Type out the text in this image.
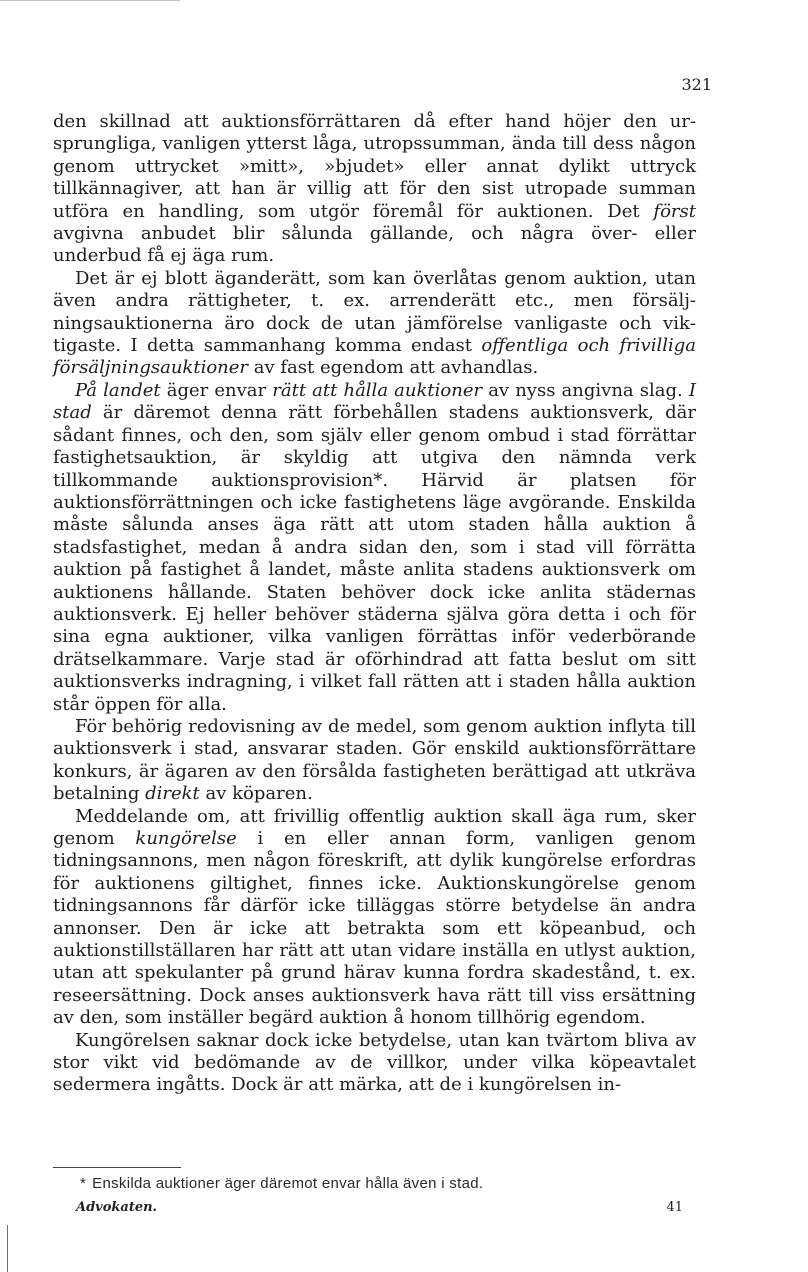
321

den skillnad att auktionsförrättaren då efter hand höjer den ursprungliga, vanligen ytterst låga, utropssumman, ända till dess någon genom uttrycket »mitt», »bjudet» eller annat dylikt uttryck tillkännagiver, att han är villig att för den sist utropade summan utföra en handling, som utgör föremål för auktionen. Det först avgivna anbudet blir sålunda gällande, och några över- eller underbud få ej äga rum.

Det är ej blott äganderätt, som kan överlåtas genom auktion, utan även andra rättigheter, t. ex. arrenderätt etc., men försäljningsauktionerna äro dock de utan jämförelse vanligaste och viktigaste. I detta sammanhang komma endast offentliga och frivilliga försäljningsauktioner av fast egendom att avhandlas.

På landet äger envar rätt att hålla auktioner av nyss angivna slag. I stad är däremot denna rätt förbehållen stadens auktionsverk, där sådant finnes, och den, som själv eller genom ombud i stad förrättar fastighetsauktion, är skyldig att utgiva den nämnda verk tillkommande auktionsprovision*. Härvid är platsen för auktionsförrättningen och icke fastighetens läge avgörande. Enskilda måste sålunda anses äga rätt att utom staden hålla auktion å stadsfastighet, medan å andra sidan den, som i stad vill förrätta auktion på fastighet å landet, måste anlita stadens auktionsverk om auktionens hållande. Staten behöver dock icke anlita städernas auktionsverk. Ej heller behöver städerna själva göra detta i och för sina egna auktioner, vilka vanligen förrättas inför vederbörande drätselkammare. Varje stad är oförhindrad att fatta beslut om sitt auktionsverks indragning, i vilket fall rätten att i staden hålla auktion står öppen för alla.

För behörig redovisning av de medel, som genom auktion inflyta till auktionsverk i stad, ansvarar staden. Gör enskild auktionsförrättare konkurs, är ägaren av den försålda fastigheten berättigad att utkräva betalning direkt av köparen.

Meddelande om, att frivillig offentlig auktion skall äga rum, sker genom kungörelse i en eller annan form, vanligen genom tidningsannons, men någon föreskrift, att dylik kungörelse erfordras för auktionens giltighet, finnes icke. Auktionskungörelse genom tidningsannons får därför icke tilläggas större betydelse än andra annonser. Den är icke att betrakta som ett köpeanbud, och auktionstillställaren har rätt att utan vidare inställa en utlyst auktion, utan att spekulanter på grund härav kunna fordra skadestånd, t. ex. reseersättning. Dock anses auktionsverk hava rätt till viss ersättning av den, som inställer begärd auktion å honom tillhörig egendom.

Kungörelsen saknar dock icke betydelse, utan kan tvärtom bliva av stor vikt vid bedömande av de villkor, under vilka köpeavtalet sedermera ingåtts. Dock är att märka, att de i kungörelsen in-

* Enskilda auktioner äger däremot envar hålla även i stad.
Advokaten.	41
